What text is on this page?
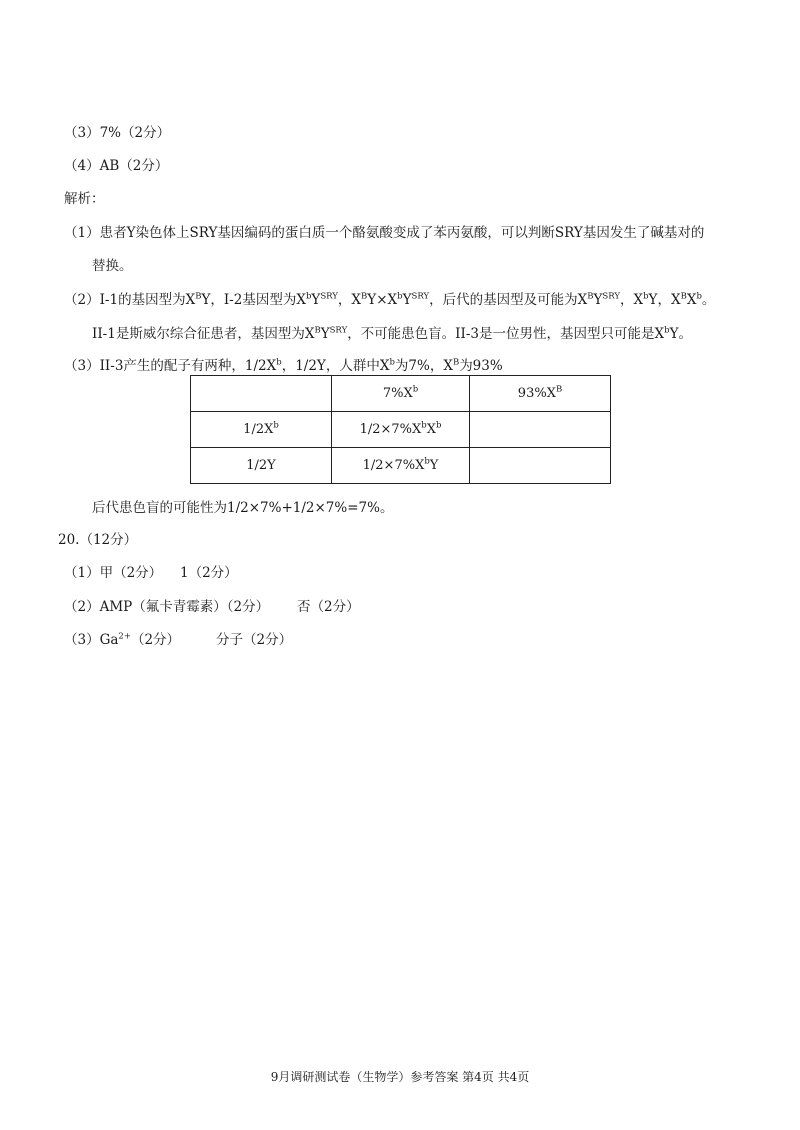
（3）7%（2分）
（4）AB（2分）
解析：
（1）患者Y染色体上SRY基因编码的蛋白质一个酪氨酸变成了苯丙氨酸，可以判断SRY基因发生了碱基对的
替换。
（2）I-1的基因型为$X^BY$，I-2基因型为$X^bY^{SRY}$，$X^BY\times X^bY^{SRY}$，后代的基因型及可能为$X^BY^{SRY}$，$X^bY$，$X^BX^b$。
II-1是斯威尔综合征患者，基因型为$X^BY^{SRY}$，不可能患色盲。II-3是一位男性，基因型只可能是$X^bY$。
（3）II-3产生的配子有两种，$1/2X^b$，1/2Y，人群中$X^b$为7%，$X^B$为93%
	$7\%X^b$	$93\%X^B$
$1/2X^b$	$1/2\times 7\%X^bX^b$	
1/2Y	$1/2\times 7\%X^bY$	
后代患色盲的可能性为1/2×7%+1/2×7%=7%。
20.（12分）
（1）甲（2分） 1（2分）
（2）AMP（氟卡青霉素）（2分） 否（2分）
$(3)Ga^{2+}(2$分）	分子（2分）
9月调研测试卷（生物学）参考答案 第4页 共4页
